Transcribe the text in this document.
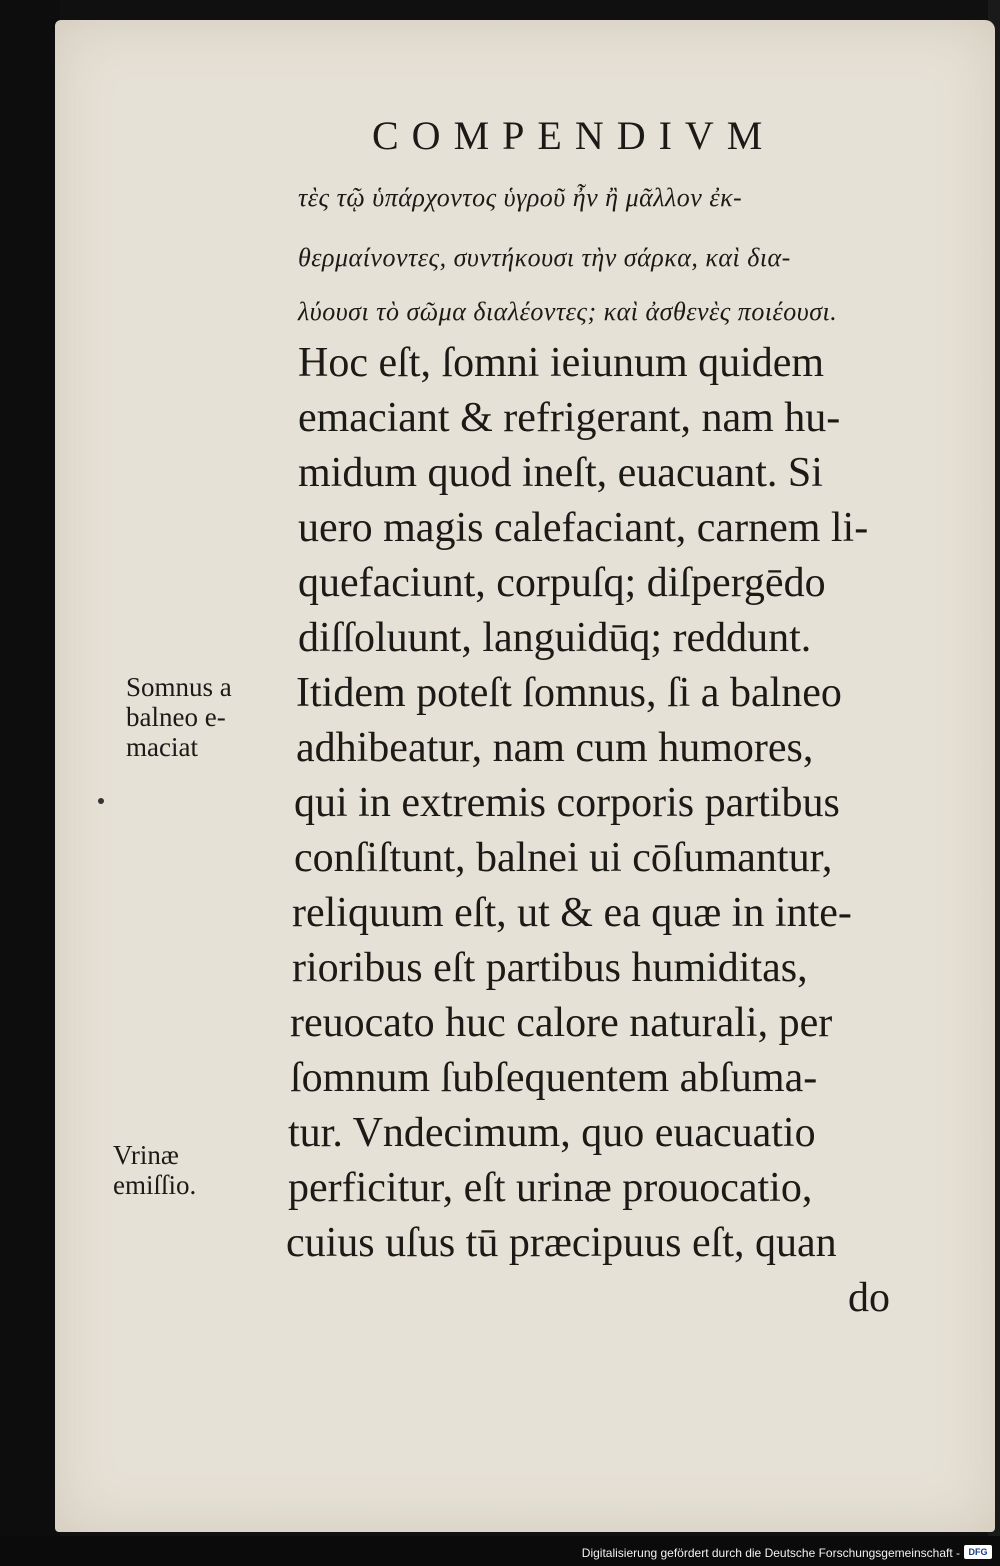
COMPENDIVM
τὲς τῷ ὑπάρχοντος ὑγροῦ ἦν ἢ μᾶλλον ἐκ-
θερμαίνοντες, συντήκουσι τὴν σάρκα, καὶ δια-
λύουσι τὸ σῶμα διαλέοντες; καὶ ἀσθενὲς ποιέουσι.
Hoc eſt, ſomni ieiunum quidem
emaciant & refrigerant, nam hu-
midum quod ineſt, euacuant. Si
uero magis calefaciant, carnem li-
quefaciunt, corpuſq; diſpergēdo
diſſoluunt, languidūq; reddunt.
Itidem poteſt ſomnus, ſi a balneo
adhibeatur, nam cum humores,
qui in extremis corporis partibus
conſiſtunt, balnei ui cōſumantur,
reliquum eſt, ut & ea quæ in inte-
rioribus eſt partibus humiditas,
reuocato huc calore naturali, per
ſomnum ſubſequentem abſuma-
tur. Vndecimum, quo euacuatio
perficitur, eſt urinæ prouocatio,
cuius uſus tū præcipuus eſt, quan
do
Somnus a
balneo e-
maciat
Vrinæ
emiſſio.
Digitalisierung gefördert durch die Deutsche Forschungsgemeinschaft - DFG
